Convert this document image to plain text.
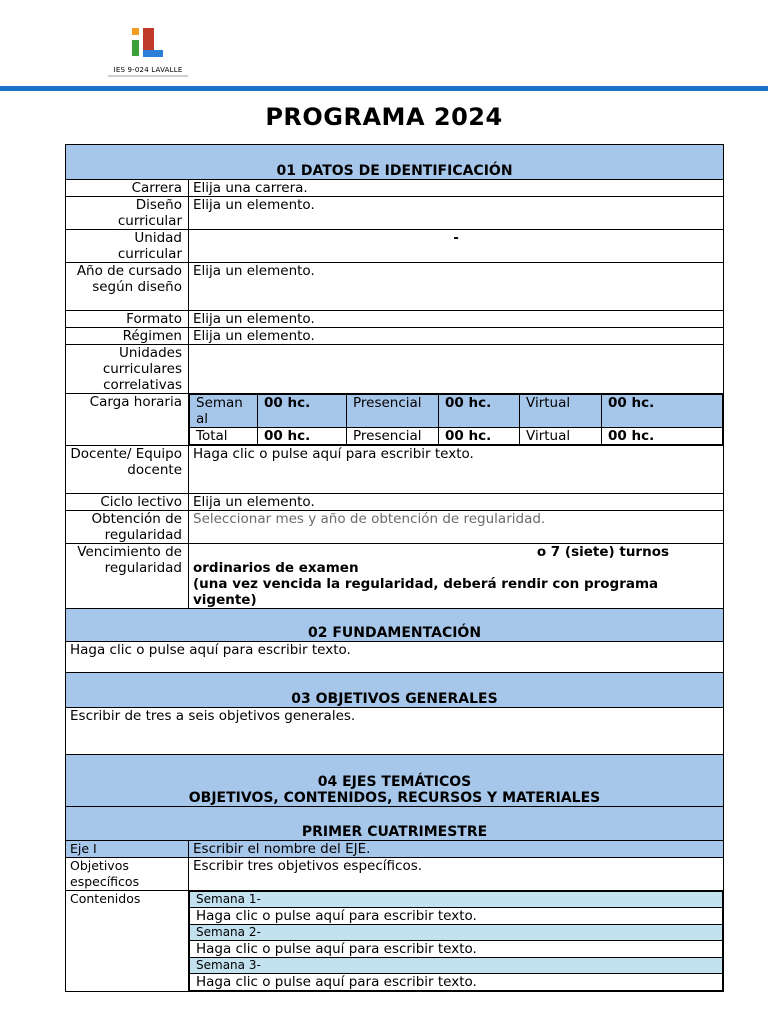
IES 9-024 LAVALLE
PROGRAMA 2024
01 DATOS DE IDENTIFICACIÓN
Carrera	Elija una carrera.
Diseño curricular	Elija un elemento.
Unidad curricular	-
Año de cursado según diseño	Elija un elemento.
Formato	Elija un elemento.
Régimen	Elija un elemento.
Unidades curriculares correlativas	
Carga horaria	Seman al	00 hc.	Presencial	00 hc.	Virtual	00 hc.
Total	00 hc.	Presencial	00 hc.	Virtual	00 hc.

Docente/ Equipo docente	Haga clic o pulse aquí para escribir texto.
Ciclo lectivo	Elija un elemento.
Obtención de regularidad	Seleccionar mes y año de obtención de regularidad.
Vencimiento de regularidad	
o 7 (siete) turnos
ordinarios de examen
(una vez vencida la regularidad, deberá rendir con programa vigente)

02 FUNDAMENTACIÓN
Haga clic o pulse aquí para escribir texto.
03 OBJETIVOS GENERALES
Escribir de tres a seis objetivos generales.

04 EJES TEMÁTICOS
OBJETIVOS, CONTENIDOS, RECURSOS Y MATERIALES

PRIMER CUATRIMESTRE
Eje I	Escribir el nombre del EJE.
Objetivos específicos	Escribir tres objetivos específicos.
Contenidos		Semana 1-
Haga clic o pulse aquí para escribir texto.
Semana 2-
Haga clic o pulse aquí para escribir texto.
Semana 3-
Haga clic o pulse aquí para escribir texto.
